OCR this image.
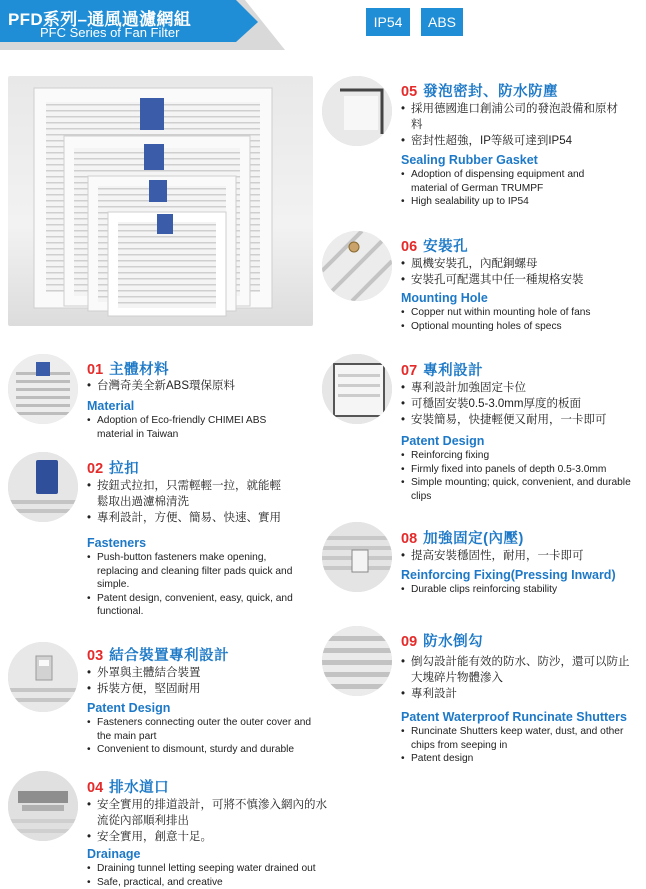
PFD系列–通風過濾網組
PFC Series of Fan Filter
IP54	ABS
01 主體材料
• 台灣奇美全新ABS環保原料
Material
• Adoption of Eco-friendly CHIMEI ABS material in Taiwan
02 拉扣
• 按鈕式拉扣，只需輕輕一拉，就能輕鬆取出過濾棉清洗
• 專利設計，方便、簡易、快速、實用
Fasteners
• Push-button fasteners make opening, replacing and cleaning filter pads quick and simple.
• Patent design, convenient, easy, quick, and functional.
03 結合裝置專利設計
• 外罩與主體結合裝置
• 拆裝方便，堅固耐用
Patent Design
• Fasteners connecting outer the outer cover and the main part
• Convenient to dismount, sturdy and durable
04 排水道口
• 安全實用的排道設計，可將不慎滲入網內的水流從內部順利排出
• 安全實用，創意十足。
Drainage
• Draining tunnel letting seeping water drained out
• Safe, practical, and creative
05 發泡密封、防水防塵
• 採用德國進口創浦公司的發泡設備和原材料
• 密封性超強，IP等級可達到IP54
Sealing Rubber Gasket
• Adoption of dispensing equipment and material of German TRUMPF
• High sealability up to IP54
06 安裝孔
• 風機安裝孔，內配銅螺母
• 安裝孔可配選其中任一種規格安裝
Mounting Hole
• Copper nut within mounting hole of fans
• Optional mounting holes of specs
07 專利設計
• 專利設計加強固定卡位
• 可穩固安裝0.5-3.0mm厚度的板面
• 安裝簡易，快捷輕便又耐用，一卡即可
Patent Design
• Reinforcing fixing
• Firmly fixed into panels of depth 0.5-3.0mm
• Simple mounting; quick, convenient, and durable clips
08 加強固定(內壓)
• 提高安裝穩固性，耐用，一卡即可
Reinforcing Fixing(Pressing Inward)
• Durable clips reinforcing stability
09 防水倒勾
• 倒勾設計能有效的防水、防沙，還可以防止大塊碎片物體滲入
• 專利設計
Patent Waterproof Runcinate Shutters
• Runcinate Shutters keep water, dust, and other chips from seeping in
• Patent design
